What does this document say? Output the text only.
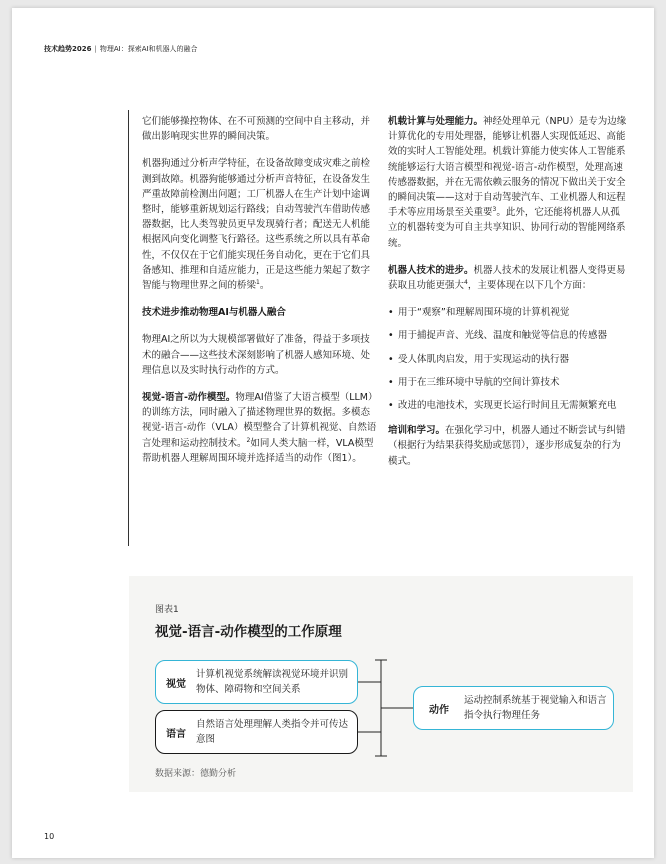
技术趋势2026 | 物理AI：探索AI和机器人的融合

它们能够操控物体、在不可预测的空间中自主移动，并做出影响现实世界的瞬间决策。

机器狗通过分析声学特征，在设备故障变成灾难之前检测到故障。机器狗能够通过分析声音特征，在设备发生严重故障前检测出问题；工厂机器人在生产计划中途调整时，能够重新规划运行路线；自动驾驶汽车借助传感器数据，比人类驾驶员更早发现骑行者；配送无人机能根据风向变化调整飞行路径。这些系统之所以具有革命性，不仅仅在于它们能实现任务自动化，更在于它们具备感知、推理和自适应能力，正是这些能力架起了数字智能与物理世界之间的桥梁$^1$。

技术进步推动物理AI与机器人融合

物理AI之所以为大规模部署做好了准备，得益于多项技术的融合——这些技术深刻影响了机器人感知环境、处理信息以及实时执行动作的方式。

视觉-语言-动作模型。物理AI借鉴了大语言模型（LLM）的训练方法，同时融入了描述物理世界的数据。多模态视觉-语言-动作（VLA）模型整合了计算机视觉、自然语言处理和运动控制技术。$^2$如同人类大脑一样，VLA模型帮助机器人理解周围环境并选择适当的动作（图1）。

机载计算与处理能力。神经处理单元（NPU）是专为边缘计算优化的专用处理器，能够让机器人实现低延迟、高能效的实时人工智能处理。机载计算能力使实体人工智能系统能够运行大语言模型和视觉-语言-动作模型，处理高速传感器数据，并在无需依赖云服务的情况下做出关于安全的瞬间决策——这对于自动驾驶汽车、工业机器人和远程手术等应用场景至关重要$^3$。此外，它还能将机器人从孤立的机器转变为可自主共享知识、协同行动的智能网络系统。

机器人技术的进步。机器人技术的发展让机器人变得更易获取且功能更强大$^4$，主要体现在以下几个方面：

• 用于“观察”和理解周围环境的计算机视觉
• 用于捕捉声音、光线、温度和触觉等信息的传感器
• 受人体肌肉启发，用于实现运动的执行器
• 用于在三维环境中导航的空间计算技术
• 改进的电池技术，实现更长运行时间且无需频繁充电

培训和学习。在强化学习中，机器人通过不断尝试与纠错（根据行为结果获得奖励或惩罚），逐步形成复杂的行为模式。

图表1
视觉-语言-动作模型的工作原理
视觉
计算机视觉系统解读视觉环境并识别物体、障碍物和空间关系
语言
自然语言处理理解人类指令并可传达意图
动作
运动控制系统基于视觉输入和语言指令执行物理任务
数据来源：德勤分析
10
